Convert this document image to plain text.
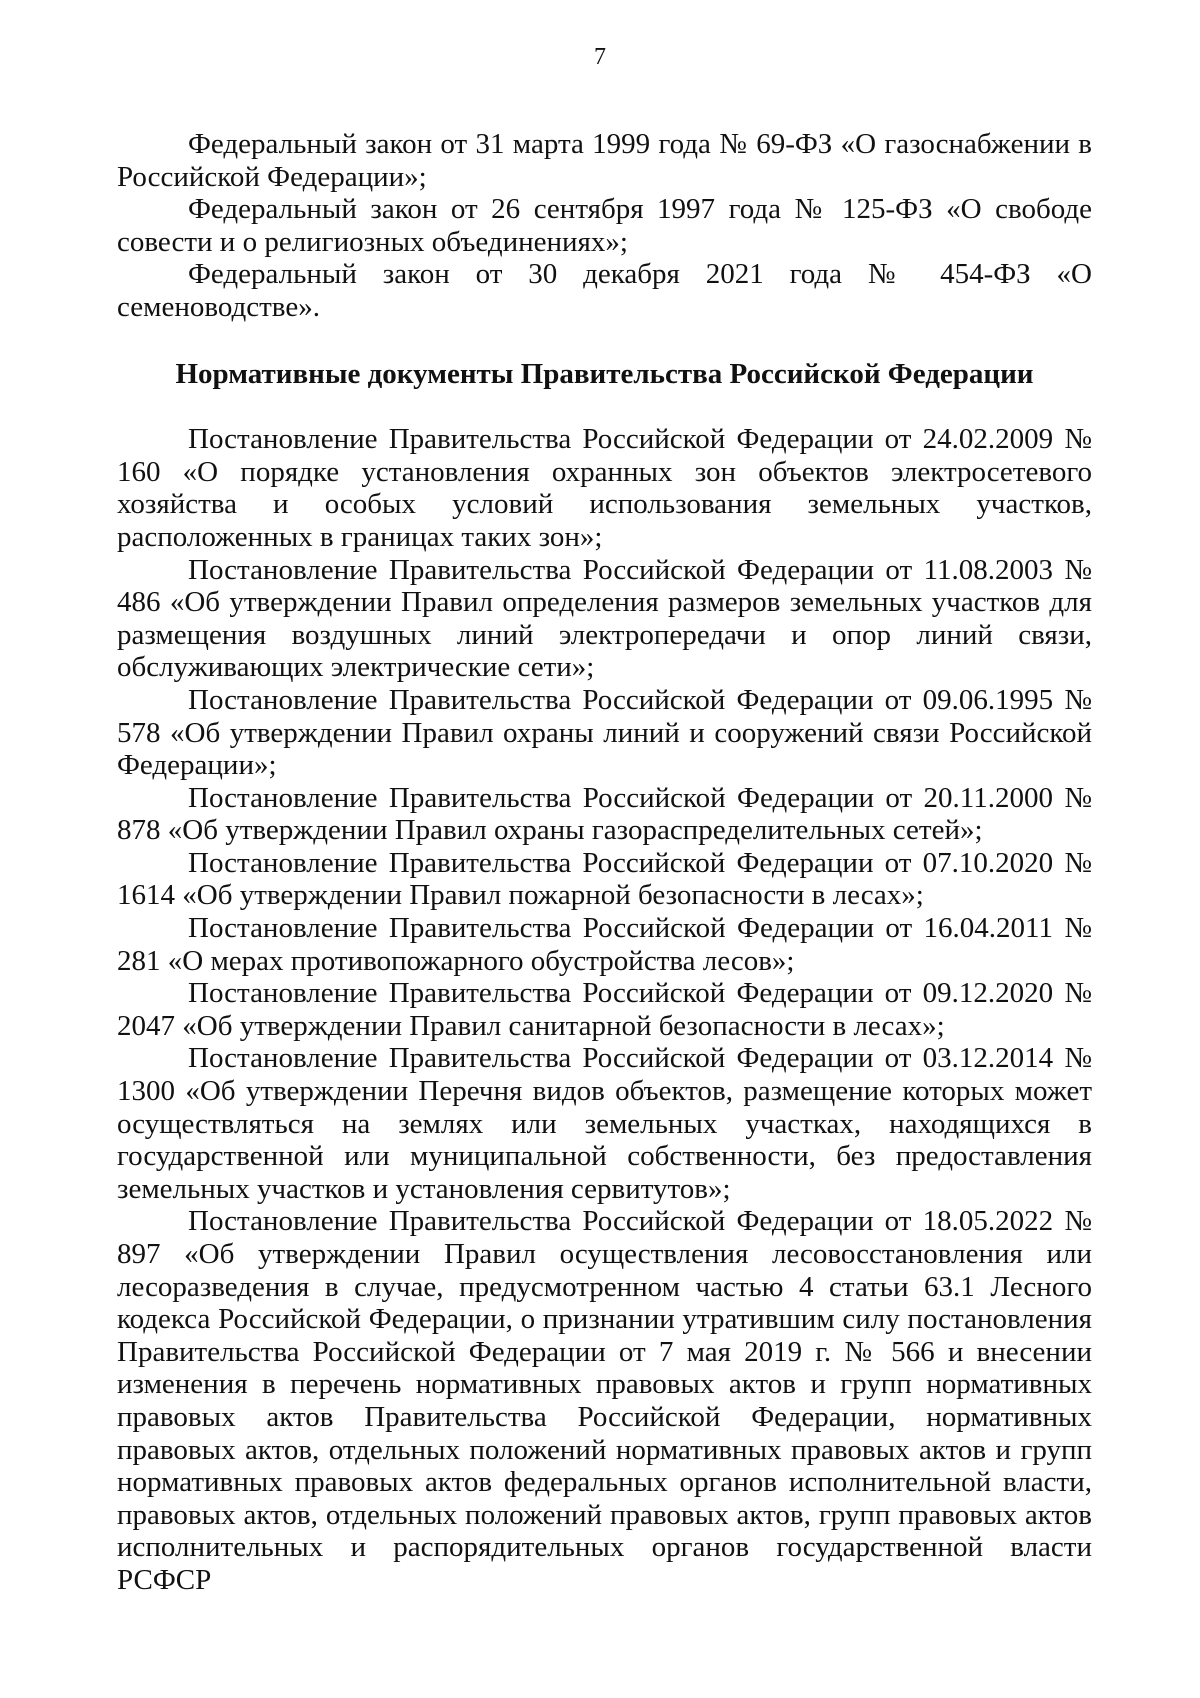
7

Федеральный закон от 31 марта 1999 года № 69-ФЗ «О газоснабжении в Российской Федерации»;

Федеральный закон от 26 сентября 1997 года № 125-ФЗ «О свободе совести и о религиозных объединениях»;

Федеральный закон от 30 декабря 2021 года № 454-ФЗ «О семеноводстве».

Нормативные документы Правительства Российской Федерации

Постановление Правительства Российской Федерации от 24.02.2009 № 160 «О порядке установления охранных зон объектов электросетевого хозяйства и особых условий использования земельных участков, расположенных в границах таких зон»;

Постановление Правительства Российской Федерации от 11.08.2003 № 486 «Об утверждении Правил определения размеров земельных участков для размещения воздушных линий электропередачи и опор линий связи, обслуживающих электрические сети»;

Постановление Правительства Российской Федерации от 09.06.1995 № 578 «Об утверждении Правил охраны линий и сооружений связи Российской Федерации»;

Постановление Правительства Российской Федерации от 20.11.2000 № 878 «Об утверждении Правил охраны газораспределительных сетей»;

Постановление Правительства Российской Федерации от 07.10.2020 № 1614 «Об утверждении Правил пожарной безопасности в лесах»;

Постановление Правительства Российской Федерации от 16.04.2011 № 281 «О мерах противопожарного обустройства лесов»;

Постановление Правительства Российской Федерации от 09.12.2020 № 2047 «Об утверждении Правил санитарной безопасности в лесах»;

Постановление Правительства Российской Федерации от 03.12.2014 № 1300 «Об утверждении Перечня видов объектов, размещение которых может осуществляться на землях или земельных участках, находящихся в государственной или муниципальной собственности, без предоставления земельных участков и установления сервитутов»;

Постановление Правительства Российской Федерации от 18.05.2022 № 897 «Об утверждении Правил осуществления лесовосстановления или лесоразведения в случае, предусмотренном частью 4 статьи 63.1 Лесного кодекса Российской Федерации, о признании утратившим силу постановления Правительства Российской Федерации от 7 мая 2019 г. № 566 и внесении изменения в перечень нормативных правовых актов и групп нормативных правовых актов Правительства Российской Федерации, нормативных правовых актов, отдельных положений нормативных правовых актов и групп нормативных правовых актов федеральных органов исполнительной власти, правовых актов, отдельных положений правовых актов, групп правовых актов исполнительных и распорядительных органов государственной власти РСФСР
